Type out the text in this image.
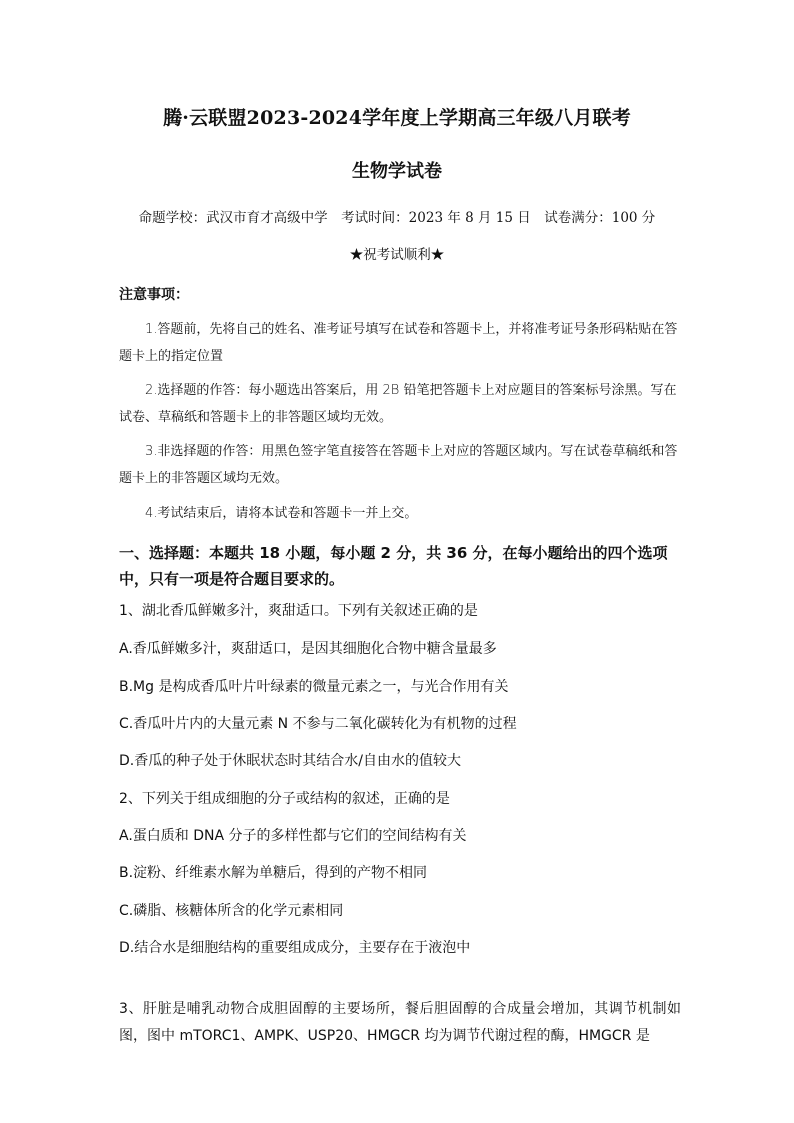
腾·云联盟2023-2024学年度上学期高三年级八月联考
生物学试卷
命题学校：武汉市育才高级中学　考试时间：2023 年 8 月 15 日　试卷满分：100 分
★祝考试顺利★
注意事项：

1.答题前，先将自己的姓名、准考证号填写在试卷和答题卡上，并将准考证号条形码粘贴在答题卡上的指定位置

2.选择题的作答：每小题选出答案后，用 2B 铅笔把答题卡上对应题目的答案标号涂黑。写在试卷、草稿纸和答题卡上的非答题区域均无效。

3.非选择题的作答：用黑色签字笔直接答在答题卡上对应的答题区域内。写在试卷草稿纸和答题卡上的非答题区域均无效。

4.考试结束后，请将本试卷和答题卡一并上交。

一、选择题：本题共 18 小题，每小题 2 分，共 36 分，在每小题给出的四个选项中，只有一项是符合题目要求的。
1、湖北香瓜鲜嫩多汁，爽甜适口。下列有关叙述正确的是
A.香瓜鲜嫩多汁，爽甜适口，是因其细胞化合物中糖含量最多
B.Mg 是构成香瓜叶片叶绿素的微量元素之一，与光合作用有关
C.香瓜叶片内的大量元素 N 不参与二氧化碳转化为有机物的过程
D.香瓜的种子处于休眠状态时其结合水/自由水的值较大
2、下列关于组成细胞的分子或结构的叙述，正确的是
A.蛋白质和 DNA 分子的多样性都与它们的空间结构有关
B.淀粉、纤维素水解为单糖后，得到的产物不相同
C.磷脂、核糖体所含的化学元素相同
D.结合水是细胞结构的重要组成成分，主要存在于液泡中
3、肝脏是哺乳动物合成胆固醇的主要场所，餐后胆固醇的合成量会增加，其调节机制如图，图中 mTORC1、AMPK、USP20、HMGCR 均为调节代谢过程的酶，HMGCR 是
